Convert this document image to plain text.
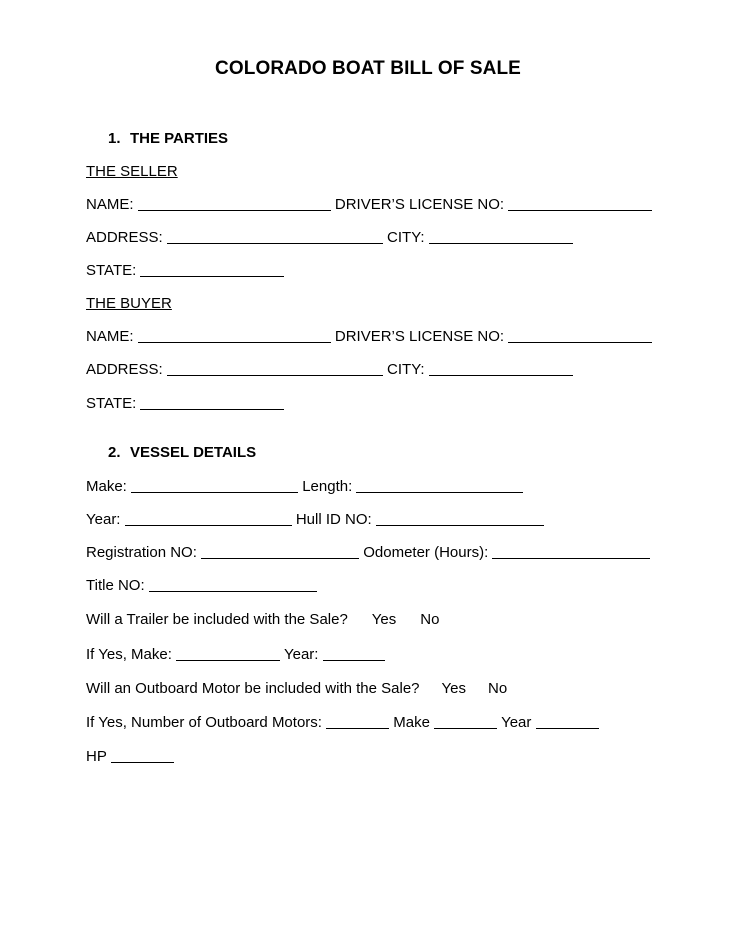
COLORADO BOAT BILL OF SALE
1. THE PARTIES
THE SELLER
NAME:	DRIVER’S LICENSE NO:
ADDRESS:	CITY:
STATE:
THE BUYER
NAME:	DRIVER’S LICENSE NO:
ADDRESS:	CITY:
STATE:
2. VESSEL DETAILS
Make:	Length:
Year:	Hull ID NO:
Registration NO:	Odometer (Hours):
Title NO:
Will a Trailer be included with the Sale? Yes No
If Yes, Make:	Year:
Will an Outboard Motor be included with the Sale? Yes No
If Yes, Number of Outboard Motors:	Make	Year
HP
